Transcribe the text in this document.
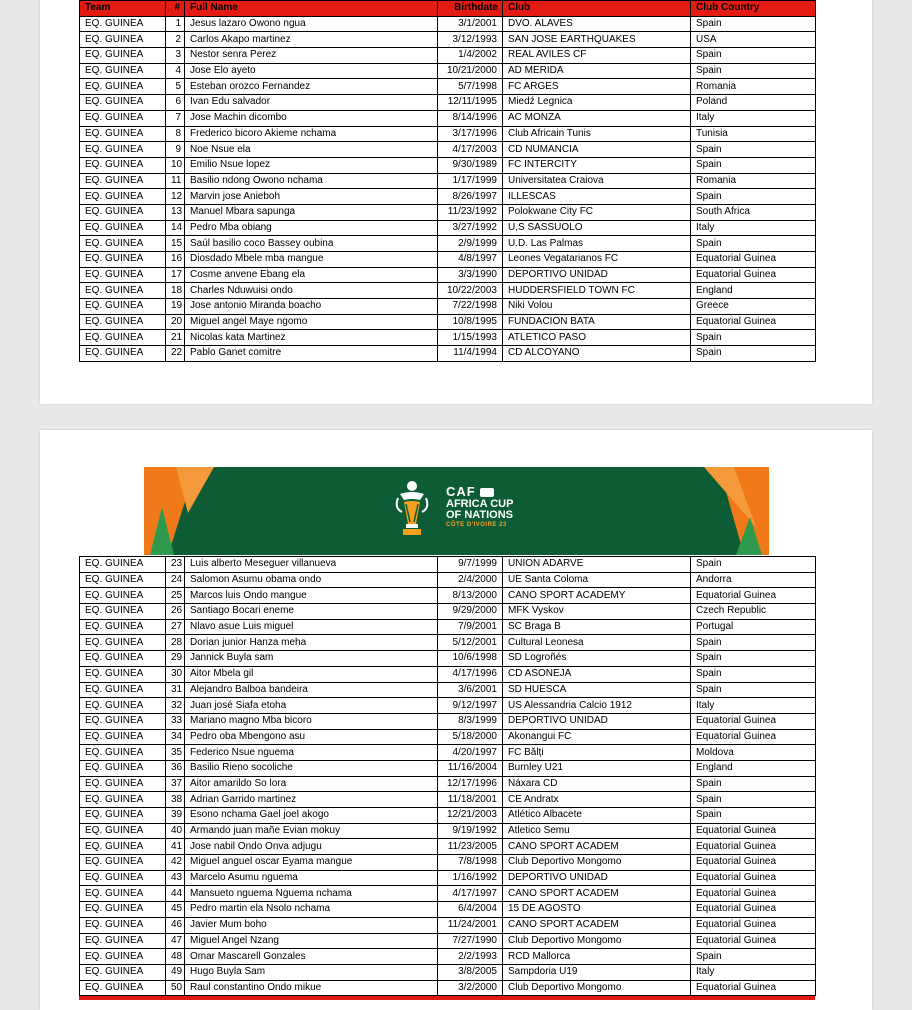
Team	#	Full Name	Birthdate	Club	Club Country
EQ. GUINEA	1	Jesus lazaro Owono ngua	3/1/2001	DVO. ALAVES	Spain
EQ. GUINEA	2	Carlos Akapo martinez	3/12/1993	SAN JOSE EARTHQUAKES	USA
EQ. GUINEA	3	Nestor senra Perez	1/4/2002	REAL AVILES CF	Spain
EQ. GUINEA	4	Jose Elo ayeto	10/21/2000	AD MERIDA	Spain
EQ. GUINEA	5	Esteban orozco Fernandez	5/7/1998	FC ARGES	Romania
EQ. GUINEA	6	Ivan Edu salvador	12/11/1995	Miedź Legnica	Poland
EQ. GUINEA	7	Jose Machin dicombo	8/14/1996	AC MONZA	Italy
EQ. GUINEA	8	Frederico bicoro Akieme nchama	3/17/1996	Club Africain Tunis	Tunisia
EQ. GUINEA	9	Noe Nsue ela	4/17/2003	CD NUMANCIA	Spain
EQ. GUINEA	10	Emilio Nsue lopez	9/30/1989	FC INTERCITY	Spain
EQ. GUINEA	11	Basilio ndong Owono nchama	1/17/1999	Universitatea Craiova	Romania
EQ. GUINEA	12	Marvin jose Anieboh	8/26/1997	ILLESCAS	Spain
EQ. GUINEA	13	Manuel Mbara sapunga	11/23/1992	Polokwane City FC	South Africa
EQ. GUINEA	14	Pedro Mba obiang	3/27/1992	U,S SASSUOLO	Italy
EQ. GUINEA	15	Saúl basilio coco Bassey oubina	2/9/1999	U.D. Las Palmas	Spain
EQ. GUINEA	16	Diosdado Mbele mba mangue	4/8/1997	Leones Vegatarianos FC	Equatorial Guinea
EQ. GUINEA	17	Cosme anvene Ebang ela	3/3/1990	DEPORTIVO UNIDAD	Equatorial Guinea
EQ. GUINEA	18	Charles Nduwuisi ondo	10/22/2003	HUDDERSFIELD TOWN FC	England
EQ. GUINEA	19	Jose antonio Miranda boacho	7/22/1998	Niki Volou	Greece
EQ. GUINEA	20	Miguel angel Maye ngomo	10/8/1995	FUNDACION BATA	Equatorial Guinea
EQ. GUINEA	21	Nicolas kata Martinez	1/15/1993	ATLETICO PASO	Spain
EQ. GUINEA	22	Pablo Ganet comitre	11/4/1994	CD ALCOYANO	Spain
CAF
AFRICA CUP
OF NATIONS
CÔTE D'IVOIRE 23
EQ. GUINEA	23	Luis alberto Meseguer villanueva	9/7/1999	UNION ADARVE	Spain
EQ. GUINEA	24	Salomon Asumu obama ondo	2/4/2000	UE Santa Coloma	Andorra
EQ. GUINEA	25	Marcos luis Ondo mangue	8/13/2000	CANO SPORT ACADEMY	Equatorial Guinea
EQ. GUINEA	26	Santiago Bocari eneme	9/29/2000	MFK Vyskov	Czech Republic
EQ. GUINEA	27	Nlavo asue Luis miguel	7/9/2001	SC Braga B	Portugal
EQ. GUINEA	28	Dorian junior Hanza meha	5/12/2001	Cultural Leonesa	Spain
EQ. GUINEA	29	Jannick Buyla sam	10/6/1998	SD Logroñés	Spain
EQ. GUINEA	30	Aitor Mbela gil	4/17/1996	CD ASONEJA	Spain
EQ. GUINEA	31	Alejandro Balboa bandeira	3/6/2001	SD HUESCA	Spain
EQ. GUINEA	32	Juan josé Siafa etoha	9/12/1997	US Alessandria Calcio 1912	Italy
EQ. GUINEA	33	Mariano magno Mba bicoro	8/3/1999	DEPORTIVO UNIDAD	Equatorial Guinea
EQ. GUINEA	34	Pedro oba Mbengono asu	5/18/2000	Akonangui FC	Equatorial Guinea
EQ. GUINEA	35	Federico Nsue nguema	4/20/1997	FC Bălți	Moldova
EQ. GUINEA	36	Basilio Rieno socoliche	11/16/2004	Burnley U21	England
EQ. GUINEA	37	Aitor amarildo So lora	12/17/1996	Náxara CD	Spain
EQ. GUINEA	38	Adrian Garrido martinez	11/18/2001	CE Andratx	Spain
EQ. GUINEA	39	Esono nchama Gael joel akogo	12/21/2003	Atlético Albacete	Spain
EQ. GUINEA	40	Armando juan mañe Evian mokuy	9/19/1992	Atletico Semu	Equatorial Guinea
EQ. GUINEA	41	Jose nabil Ondo Onva adjugu	11/23/2005	CANO SPORT ACADEM	Equatorial Guinea
EQ. GUINEA	42	Miguel anguel oscar Eyama mangue	7/8/1998	Club Deportivo Mongomo	Equatorial Guinea
EQ. GUINEA	43	Marcelo Asumu nguema	1/16/1992	DEPORTIVO UNIDAD	Equatorial Guinea
EQ. GUINEA	44	Mansueto nguema Nguema nchama	4/17/1997	CANO SPORT ACADEM	Equatorial Guinea
EQ. GUINEA	45	Pedro martin ela Nsolo nchama	6/4/2004	15 DE AGOSTO	Equatorial Guinea
EQ. GUINEA	46	Javier Mum boho	11/24/2001	CANO SPORT ACADEM	Equatorial Guinea
EQ. GUINEA	47	Miguel Angel Nzang	7/27/1990	Club Deportivo Mongomo	Equatorial Guinea
EQ. GUINEA	48	Omar Mascarell Gonzales	2/2/1993	RCD Mallorca	Spain
EQ. GUINEA	49	Hugo Buyla Sam	3/8/2005	Sampdoria U19	Italy
EQ. GUINEA	50	Raul constantino Ondo mikue	3/2/2000	Club Deportivo Mongomo	Equatorial Guinea
